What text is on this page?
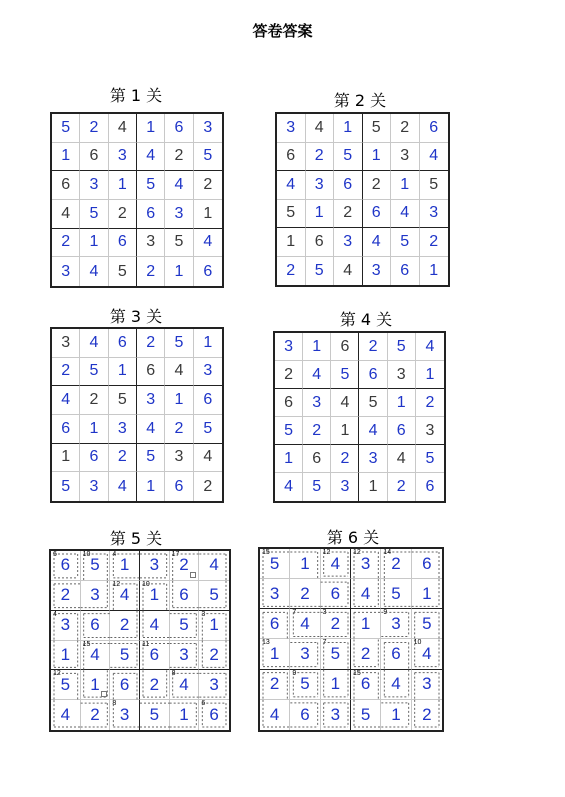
答卷答案
第 1 关
5 2 4 1 6 3
1 6 3 4 2 5
6 3 1 5 4 2
4 5 2 6 3 1
2 1 6 3 5 4
3 4 5 2 1 6
第 2 关
3 4 1 5 2 6
6 2 5 1 3 4
4 3 6 2 1 5
5 1 2 6 4 3
1 6 3 4 5 2
2 5 4 3 6 1
第 3 关
3 4 6 2 5 1
2 5 1 6 4 3
4 2 5 3 1 6
6 1 3 4 2 5
1 6 2 5 3 4
5 3 4 1 6 2
第 4 关
3 1 6 2 5 4
2 4 5 6 3 1
6 3 4 5 1 2
5 2 1 4 6 3
1 6 2 3 4 5
4 5 3 1 2 6
第 5 关
6
6
5
10
1
4
3 2
17
4
2 3 4
12
1
10
6 5
3
4
6 2 4 5 1
3
1 4
15
5 6
11
3 2
5
12
1 6 2 4
8
3
4 2 3
8
5 1 6
6
第 6 关
5
15
1 4
12
3
12
2
14
6
3 2 6 4 5 1
6 4
7
2
3
1 3
9
5
1
13
3 5
7
2 6 4
10
2 5
9
1 6
15
4 3
4 6 3 5 1 2
